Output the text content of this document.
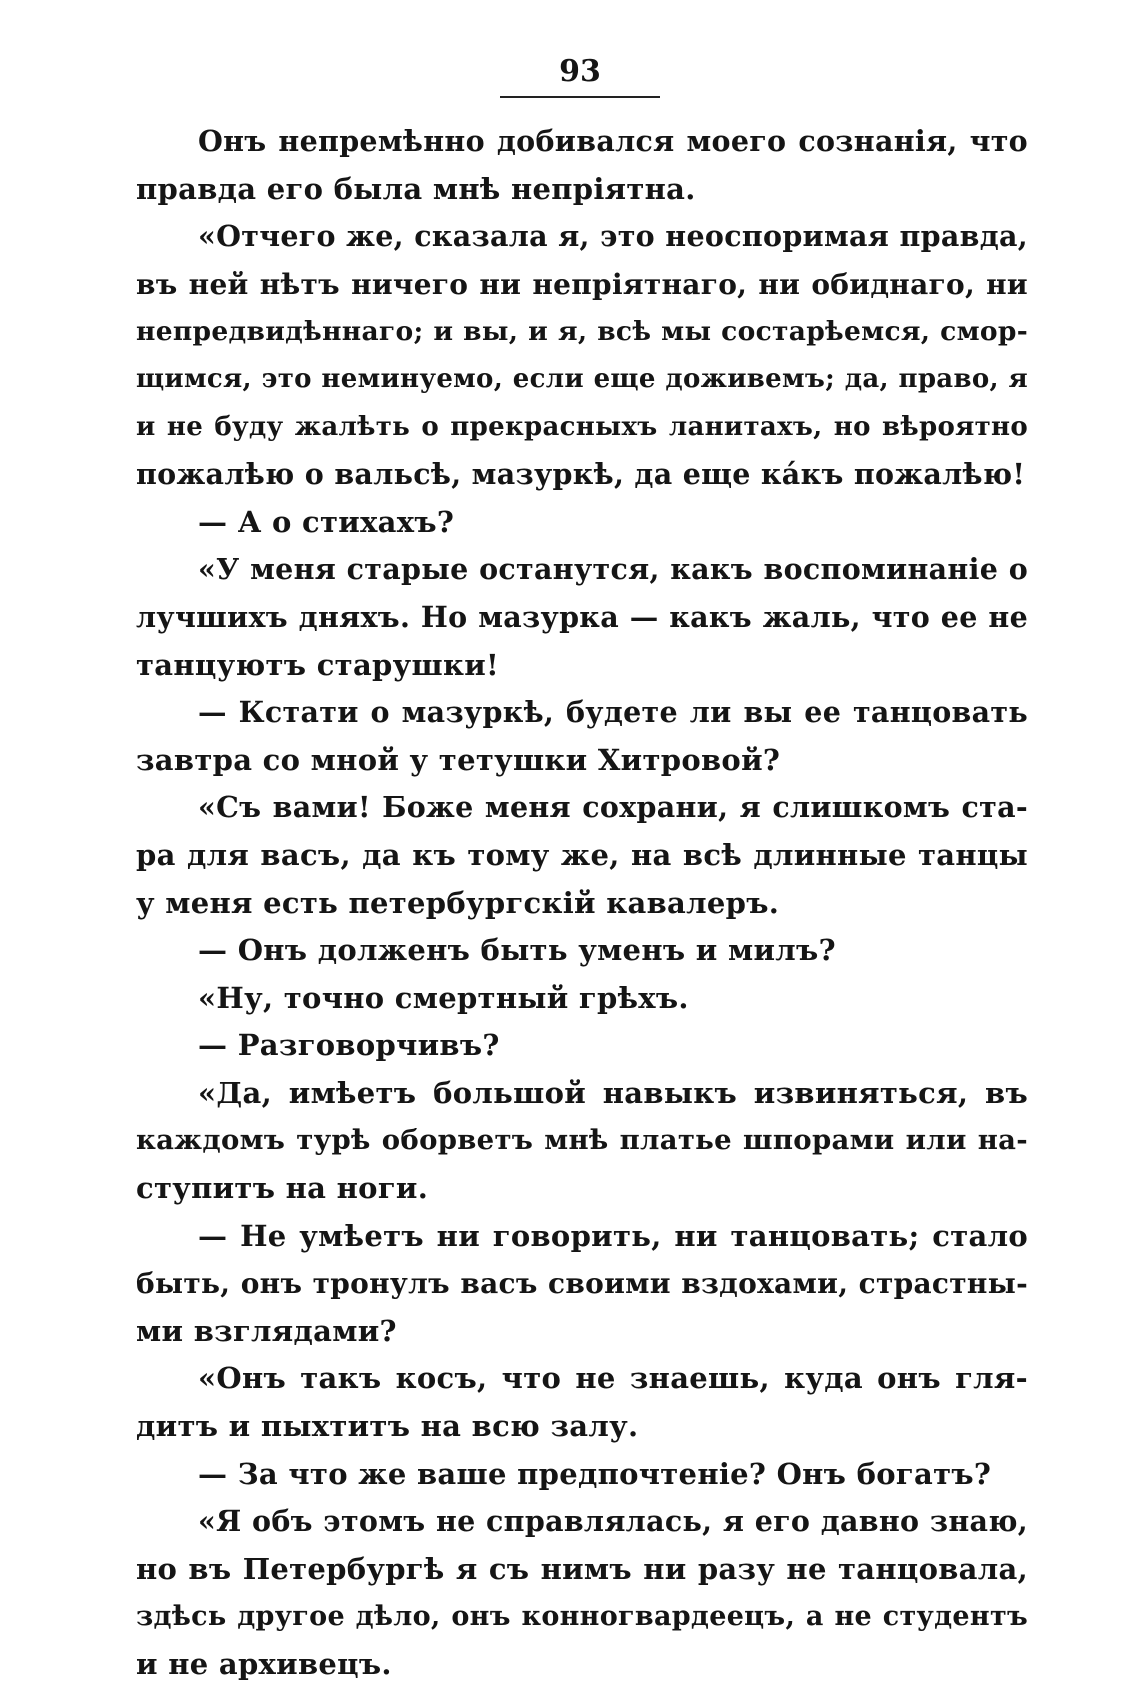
93
Онъ непремѣнно добивался моего сознанія, что
правда его была мнѣ непріятна.
«Отчего же, сказала я, это неоспоримая правда,
въ ней нѣтъ ничего ни непріятнаго, ни обиднаго, ни
непредвидѣннаго; и вы, и я, всѣ мы состарѣемся, смор-
щимся, это неминуемо, если еще доживемъ; да, право, я
и не буду жалѣть о прекрасныхъ ланитахъ, но вѣроятно
пожалѣю о вальсѣ, мазуркѣ, да еще кáкъ пожалѣю!
— А о стихахъ?
«У меня старые останутся, какъ воспоминаніе о
лучшихъ дняхъ. Но мазурка — какъ жаль, что ее не
танцуютъ старушки!
— Кстати о мазуркѣ, будете ли вы ее танцовать
завтра со мной у тетушки Хитровой?
«Съ вами! Боже меня сохрани, я слишкомъ ста-
ра для васъ, да къ тому же, на всѣ длинные танцы
у меня есть петербургскій кавалеръ.
— Онъ долженъ быть уменъ и милъ?
«Ну, точно смертный грѣхъ.
— Разговорчивъ?
«Да, имѣетъ большой навыкъ извиняться, въ
каждомъ турѣ оборветъ мнѣ платье шпорами или на-
ступитъ на ноги.
— Не умѣетъ ни говорить, ни танцовать; стало
быть, онъ тронулъ васъ своими вздохами, страстны-
ми взглядами?
«Онъ такъ косъ, что не знаешь, куда онъ гля-
дитъ и пыхтитъ на всю залу.
— За что же ваше предпочтеніе? Онъ богатъ?
«Я объ этомъ не справлялась, я его давно знаю,
но въ Петербургѣ я съ нимъ ни разу не танцовала,
здѣсь другое дѣло, онъ конногвардеецъ, а не студентъ
и не архивецъ.
